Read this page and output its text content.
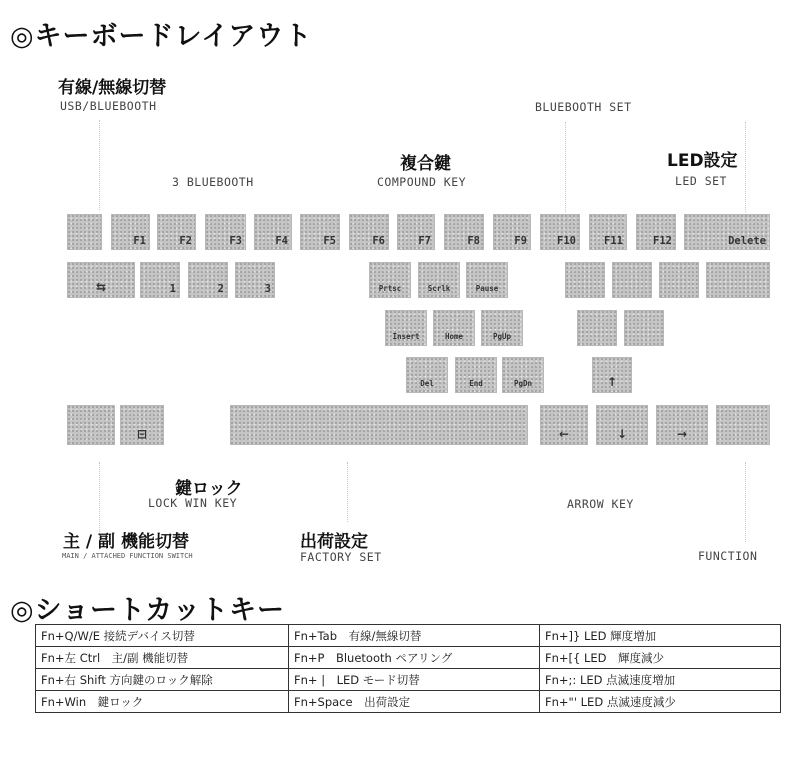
◎キーボードレイアウト
◎ショートカットキー
有線/無線切替
USB/BLUEBOOTH	BLUEBOOTH SET
複合鍵	LED設定
3 BLUEBOOTH	COMPOUND KEY	LED SET
F1	F2	F3	F4	F5	F6	F7	F8	F9	F10	F11	F12	Delete
⇆	1	2	3	Prtsc	Scrlk	Pause
Insert	Home	PgUp
Del	End	PgDn	↑
⊟	←	↓	→
鍵ロック
LOCK WIN KEY	ARROW KEY
主 / 副 機能切替
MAIN / ATTACHED FUNCTION SWITCH
出荷設定
FACTORY SET	FUNCTION
Fn+Q/W/E 接続デバイス切替	Fn+Tab　有線/無線切替	Fn+]} LED 輝度増加
Fn+左 Ctrl　主/副 機能切替	Fn+P　Bluetooth ペアリング	Fn+[{ LED　輝度減少
Fn+右 Shift 方向鍵のロック解除	Fn+ |　LED モード切替	Fn+;: LED 点滅速度増加
Fn+Win　鍵ロック	Fn+Space　出荷設定	Fn+"' LED 点滅速度減少
